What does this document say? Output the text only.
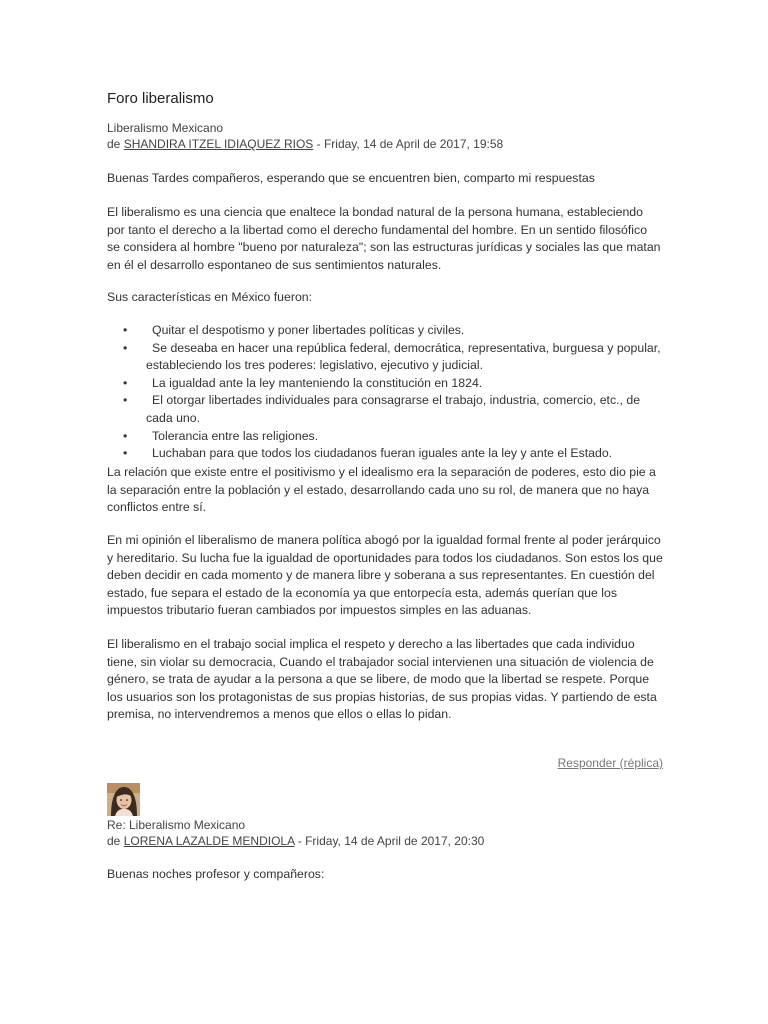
Foro liberalismo
Liberalismo Mexicano
de SHANDIRA ITZEL IDIAQUEZ RIOS - Friday, 14 de April de 2017, 19:58

Buenas Tardes compañeros, esperando que se encuentren bien, comparto mi respuestas

El liberalismo es una ciencia que enaltece la bondad natural de la persona humana, estableciendo por tanto el derecho a la libertad como el derecho fundamental del hombre. En un sentido filosófico se considera al hombre "bueno por naturaleza"; son las estructuras jurídicas y sociales las que matan en él el desarrollo espontaneo de sus sentimientos naturales.

Sus características en México fueron:

•	Quitar el despotismo y poner libertades políticas y civiles.
•	Se deseaba en hacer una república federal, democrática, representativa, burguesa y popular, estableciendo los tres poderes: legislativo, ejecutivo y judicial.
•	La igualdad ante la ley manteniendo la constitución en 1824.
•	El otorgar libertades individuales para consagrarse el trabajo, industria, comercio, etc., de cada uno.
•	Tolerancia entre las religiones.
•	Luchaban para que todos los ciudadanos fueran iguales ante la ley y ante el Estado.

La relación que existe entre el positivismo y el idealismo era la separación de poderes, esto dio pie a la separación entre la población y el estado, desarrollando cada uno su rol, de manera que no haya conflictos entre sí.

En mi opinión el liberalismo de manera política abogó por la igualdad formal frente al poder jerárquico y hereditario. Su lucha fue la igualdad de oportunidades para todos los ciudadanos. Son estos los que deben decidir en cada momento y de manera libre y soberana a sus representantes. En cuestión del estado, fue separa el estado de la economía ya que entorpecía esta, además querían que los impuestos tributario fueran cambiados por impuestos simples en las aduanas.

El liberalismo en el trabajo social implica el respeto y derecho a las libertades que cada individuo tiene, sin violar su democracia, Cuando el trabajador social intervienen una situación de violencia de género, se trata de ayudar a la persona a que se libere, de modo que la libertad se respete. Porque los usuarios son los protagonistas de sus propias historias, de sus propias vidas. Y partiendo de esta premisa, no intervendremos a menos que ellos o ellas lo pidan.

Responder (réplica)
Re: Liberalismo Mexicano
de LORENA LAZALDE MENDIOLA - Friday, 14 de April de 2017, 20:30

Buenas noches profesor y compañeros:
